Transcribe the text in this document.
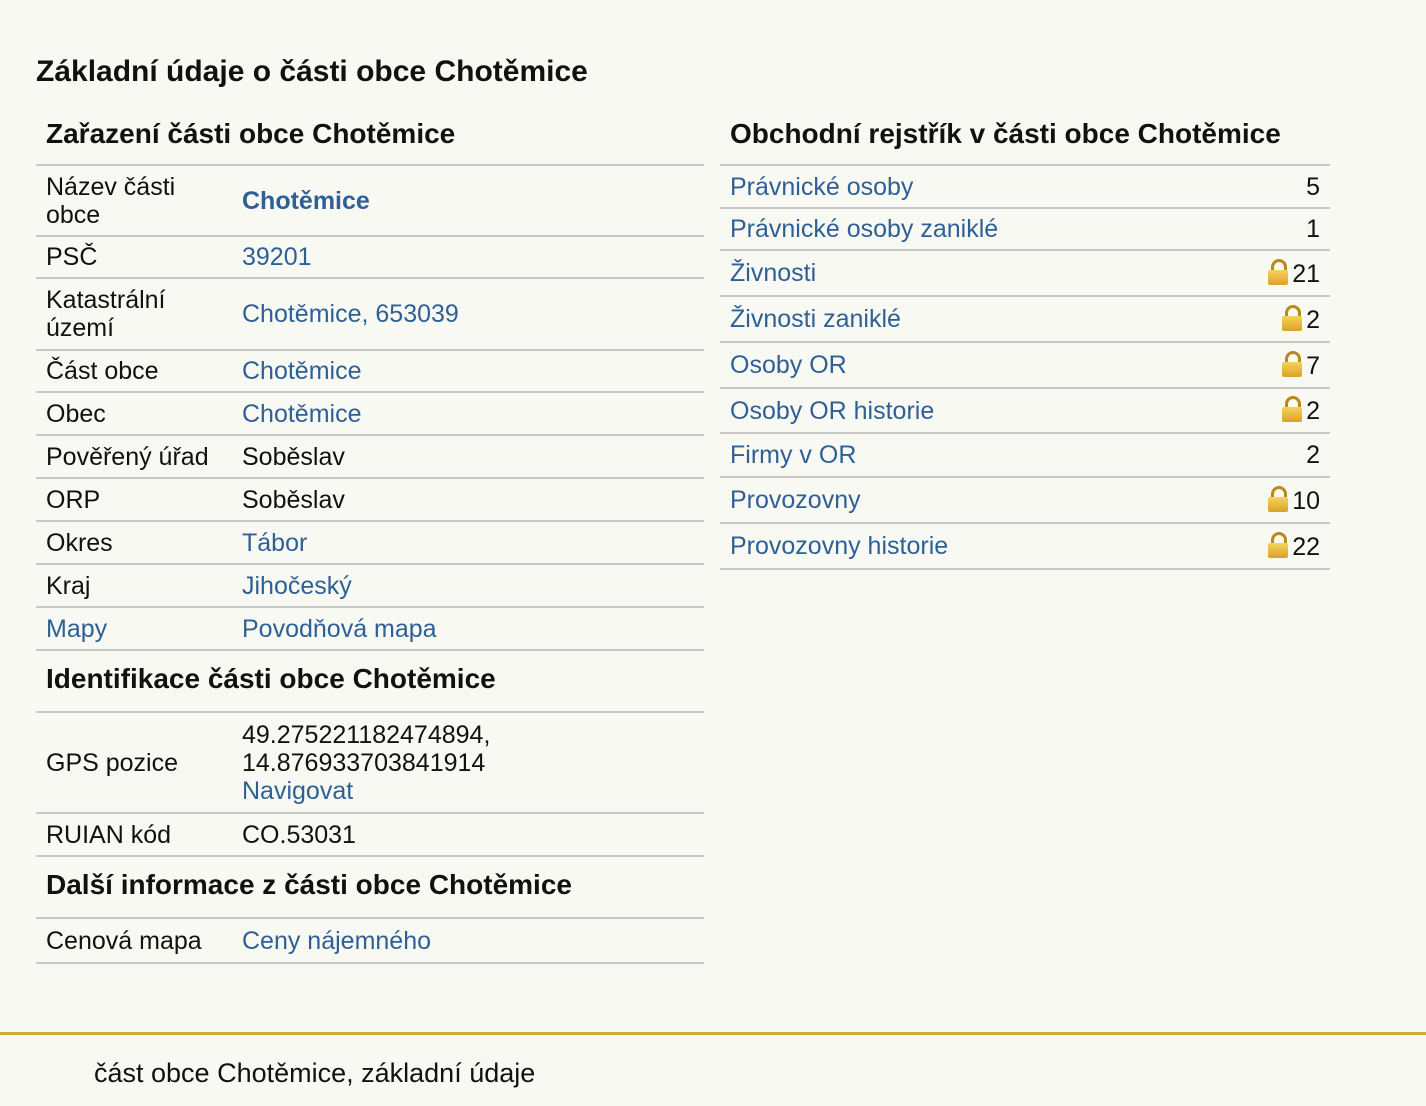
Základní údaje o části obce Chotěmice
Zařazení části obce Chotěmice
Název části obce	Chotěmice
PSČ	39201
Katastrální území	Chotěmice, 653039
Část obce	Chotěmice
Obec	Chotěmice
Pověřený úřad	Soběslav
ORP	Soběslav
Okres	Tábor
Kraj	Jihočeský
Mapy	Povodňová mapa
Identifikace části obce Chotěmice
GPS pozice	49.275221182474894,
14.876933703841914
Navigovat
RUIAN kód	CO.53031
Další informace z části obce Chotěmice
Cenová mapa	Ceny nájemného
Obchodní rejstřík v části obce Chotěmice
Právnické osoby	5
Právnické osoby zaniklé	1
Živnosti	21
Živnosti zaniklé	2
Osoby OR	7
Osoby OR historie	2
Firmy v OR	2
Provozovny	10
Provozovny historie	22
část obce Chotěmice, základní údaje
